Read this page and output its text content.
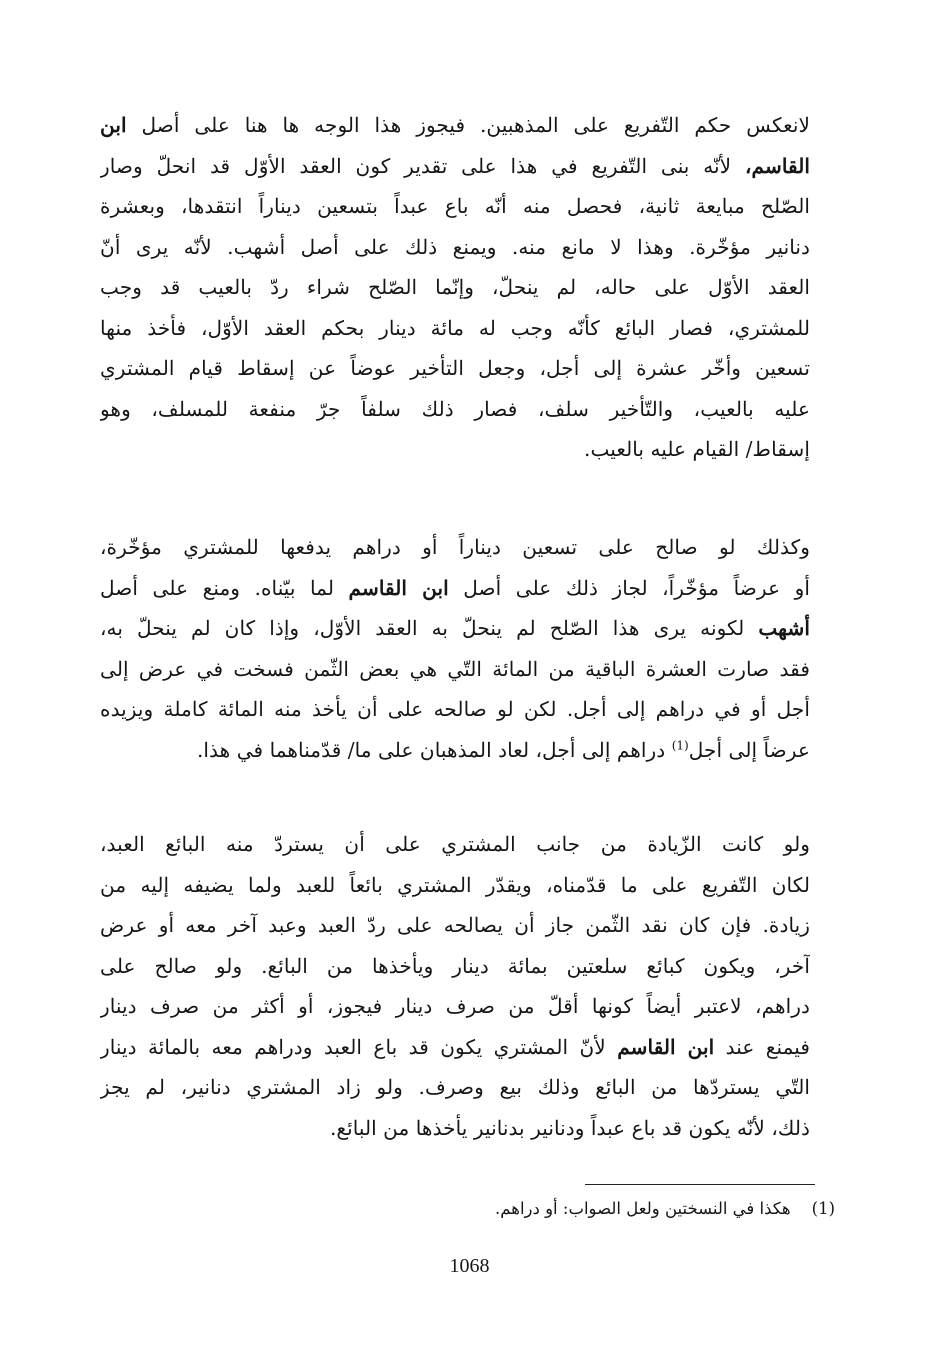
لانعكس حكم التّفريع على المذهبين. فيجوز هذا الوجه ها هنا على أصل ابن
القاسم، لأنّه بنى التّفريع في هذا على تقدير كون العقد الأوّل قد انحلّ وصار
الصّلح مبايعة ثانية، فحصل منه أنّه باع عبداً بتسعين ديناراً انتقدها، وبعشرة
دنانير مؤخّرة. وهذا لا مانع منه. ويمنع ذلك على أصل أشهب. لأنّه يرى أنّ
العقد الأوّل على حاله، لم ينحلّ، وإنّما الصّلح شراء ردّ بالعيب قد وجب
للمشتري، فصار البائع كأنّه وجب له مائة دينار بحكم العقد الأوّل، فأخذ منها
تسعين وأخّر عشرة إلى أجل، وجعل التأخير عوضاً عن إسقاط قيام المشتري
عليه بالعيب، والتّأخير سلف، فصار ذلك سلفاً جرّ منفعة للمسلف، وهو
إسقاط/ القيام عليه بالعيب.
وكذلك لو صالح على تسعين ديناراً أو دراهم يدفعها للمشتري مؤخّرة،
أو عرضاً مؤخّراً، لجاز ذلك على أصل ابن القاسم لما بيّناه. ومنع على أصل
أشهب لكونه يرى هذا الصّلح لم ينحلّ به العقد الأوّل، وإذا كان لم ينحلّ به،
فقد صارت العشرة الباقية من المائة التّي هي بعض الثّمن فسخت في عرض إلى
أجل أو في دراهم إلى أجل. لكن لو صالحه على أن يأخذ منه المائة كاملة ويزيده
عرضاً إلى أجل$^{(1)}$ دراهم إلى أجل، لعاد المذهبان على ما/ قدّمناهما في هذا.
ولو كانت الزّيادة من جانب المشتري على أن يستردّ منه البائع العبد،
لكان التّفريع على ما قدّمناه، ويقدّر المشتري بائعاً للعبد ولما يضيفه إليه من
زيادة. فإن كان نقد الثّمن جاز أن يصالحه على ردّ العبد وعبد آخر معه أو عرض
آخر، ويكون كبائع سلعتين بمائة دينار ويأخذها من البائع. ولو صالح على
دراهم، لاعتبر أيضاً كونها أقلّ من صرف دينار فيجوز، أو أكثر من صرف دينار
فيمنع عند ابن القاسم لأنّ المشتري يكون قد باع العبد ودراهم معه بالمائة دينار
التّي يستردّها من البائع وذلك بيع وصرف. ولو زاد المشتري دنانير، لم يجز
ذلك، لأنّه يكون قد باع عبداً ودنانير بدنانير يأخذها من البائع.
(1)    هكذا في النسختين ولعل الصواب: أو دراهم.
1068
